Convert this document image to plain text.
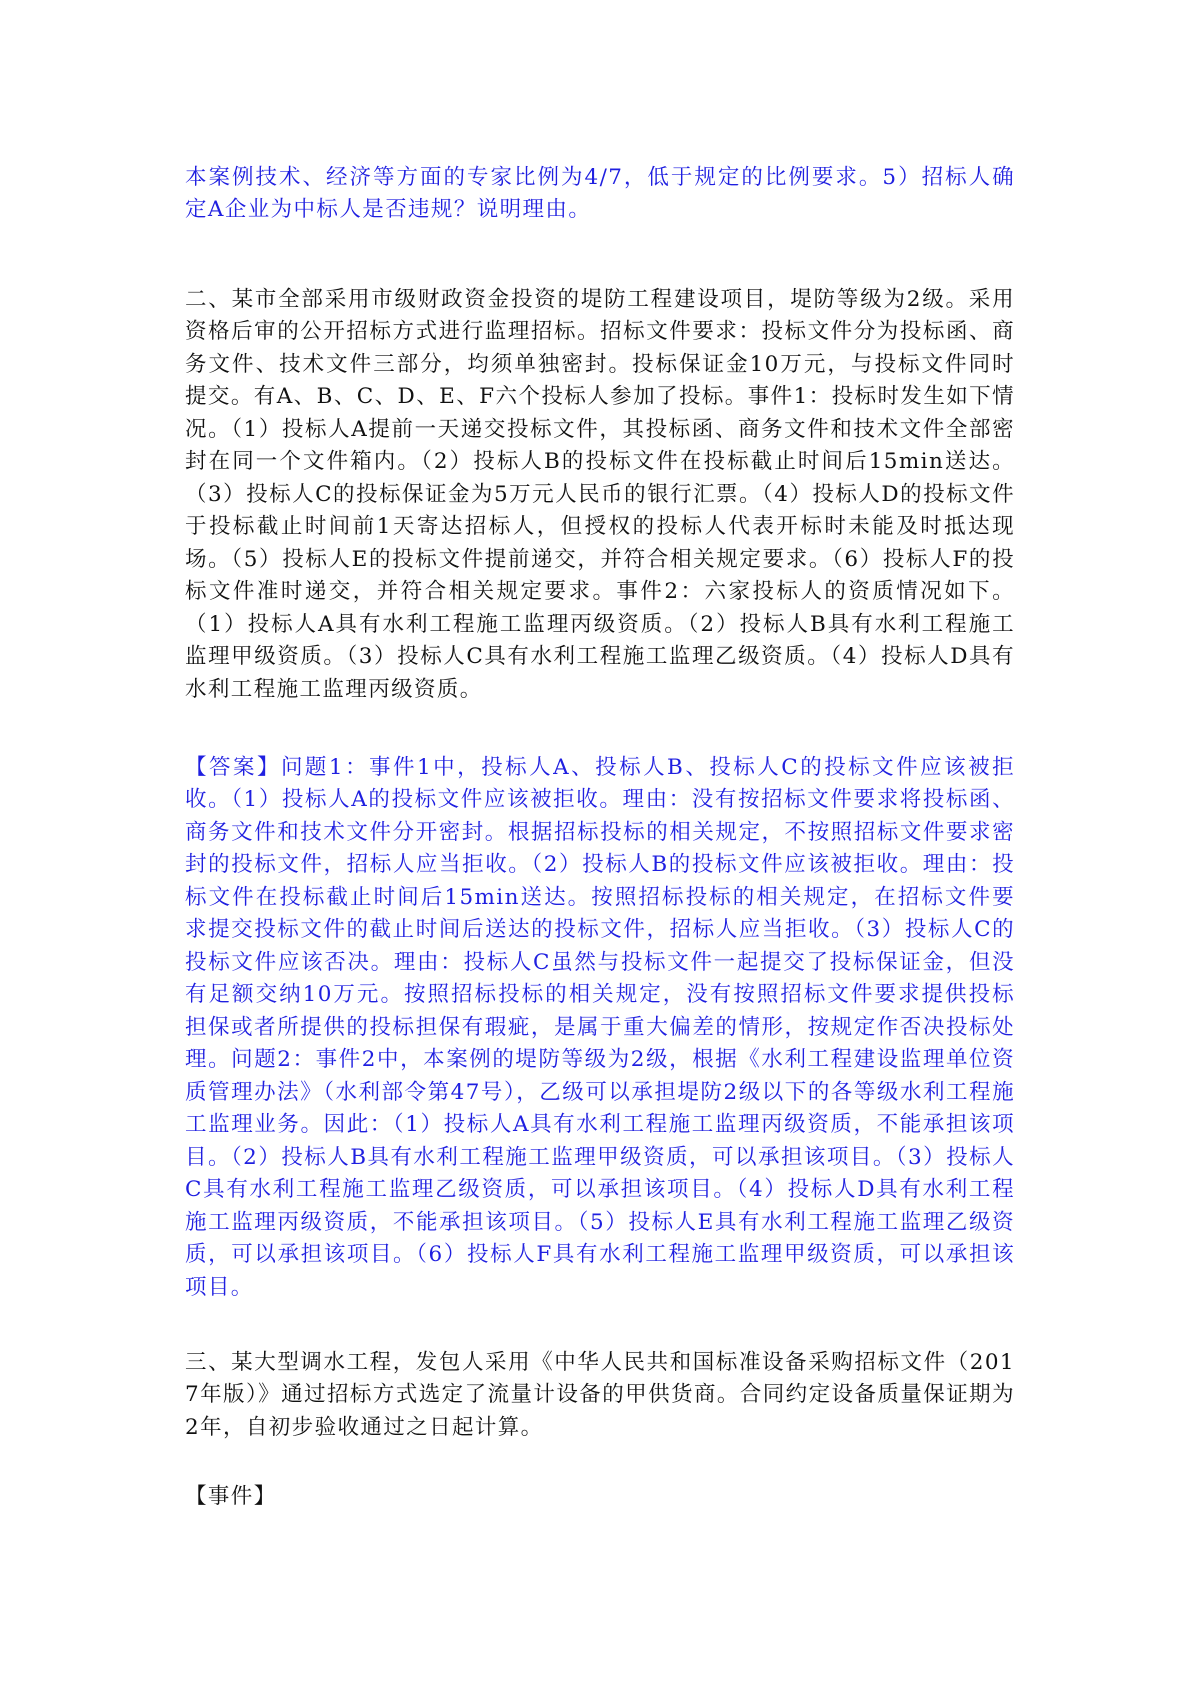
本案例技术、经济等方面的专家比例为4/7，低于规定的比例要求。5）招标人确定A企业为中标人是否违规？说明理由。

二、某市全部采用市级财政资金投资的堤防工程建设项目，堤防等级为2级。采用资格后审的公开招标方式进行监理招标。招标文件要求：投标文件分为投标函、商务文件、技术文件三部分，均须单独密封。投标保证金10万元，与投标文件同时提交。有A、B、C、D、E、F六个投标人参加了投标。事件1：投标时发生如下情况。（1）投标人A提前一天递交投标文件，其投标函、商务文件和技术文件全部密封在同一个文件箱内。（2）投标人B的投标文件在投标截止时间后15min送达。（3）投标人C的投标保证金为5万元人民币的银行汇票。（4）投标人D的投标文件于投标截止时间前1天寄达招标人，但授权的投标人代表开标时未能及时抵达现场。（5）投标人E的投标文件提前递交，并符合相关规定要求。（6）投标人F的投标文件准时递交，并符合相关规定要求。事件2：六家投标人的资质情况如下。（1）投标人A具有水利工程施工监理丙级资质。（2）投标人B具有水利工程施工监理甲级资质。（3）投标人C具有水利工程施工监理乙级资质。（4）投标人D具有水利工程施工监理丙级资质。

【答案】问题1：事件1中，投标人A、投标人B、投标人C的投标文件应该被拒收。（1）投标人A的投标文件应该被拒收。理由：没有按招标文件要求将投标函、商务文件和技术文件分开密封。根据招标投标的相关规定，不按照招标文件要求密封的投标文件，招标人应当拒收。（2）投标人B的投标文件应该被拒收。理由：投标文件在投标截止时间后15min送达。按照招标投标的相关规定，在招标文件要求提交投标文件的截止时间后送达的投标文件，招标人应当拒收。（3）投标人C的投标文件应该否决。理由：投标人C虽然与投标文件一起提交了投标保证金，但没有足额交纳10万元。按照招标投标的相关规定，没有按照招标文件要求提供投标担保或者所提供的投标担保有瑕疵，是属于重大偏差的情形，按规定作否决投标处理。问题2：事件2中，本案例的堤防等级为2级，根据《水利工程建设监理单位资质管理办法》（水利部令第47号），乙级可以承担堤防2级以下的各等级水利工程施工监理业务。因此：（1）投标人A具有水利工程施工监理丙级资质，不能承担该项目。（2）投标人B具有水利工程施工监理甲级资质，可以承担该项目。（3）投标人C具有水利工程施工监理乙级资质，可以承担该项目。（4）投标人D具有水利工程施工监理丙级资质，不能承担该项目。（5）投标人E具有水利工程施工监理乙级资质，可以承担该项目。（6）投标人F具有水利工程施工监理甲级资质，可以承担该项目。

三、某大型调水工程，发包人采用《中华人民共和国标准设备采购招标文件（2017年版）》通过招标方式选定了流量计设备的甲供货商。合同约定设备质量保证期为2年，自初步验收通过之日起计算。

【事件】
